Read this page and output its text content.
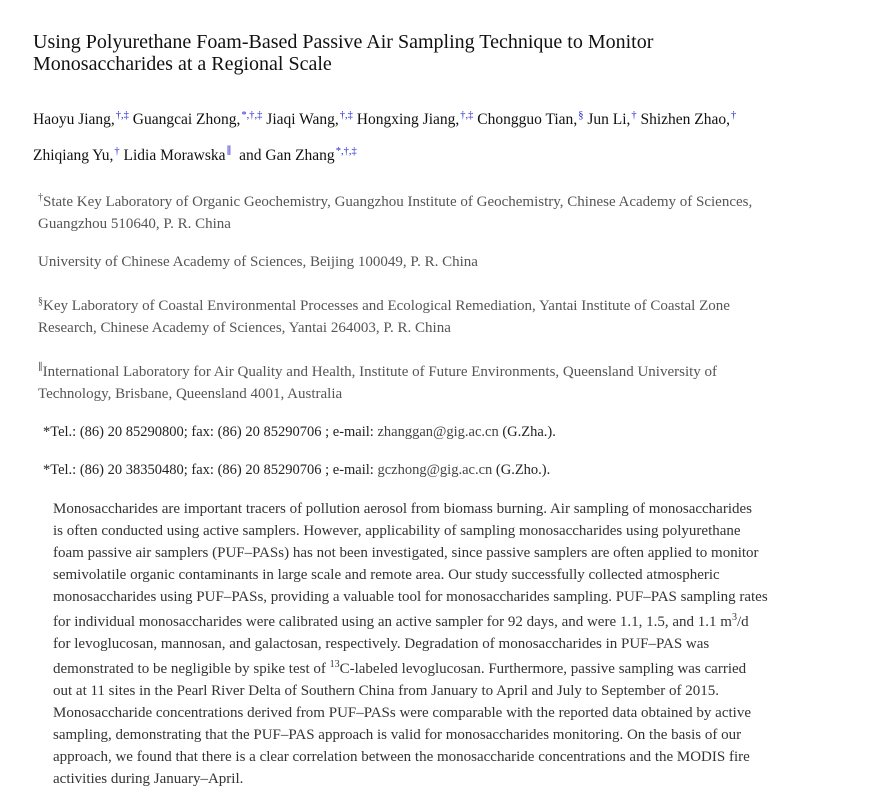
Using Polyurethane Foam-Based Passive Air Sampling Technique to Monitor
Monosaccharides at a Regional Scale
Haoyu Jiang,†,‡ Guangcai Zhong,*,†,‡ Jiaqi Wang,†,‡ Hongxing Jiang,†,‡ Chongguo Tian,§ Jun Li,† Shizhen Zhao,†
Zhiqiang Yu,† Lidia Morawska∥ and Gan Zhang*,†,‡
†State Key Laboratory of Organic Geochemistry, Guangzhou Institute of Geochemistry, Chinese Academy of Sciences,
Guangzhou 510640, P. R. China
University of Chinese Academy of Sciences, Beijing 100049, P. R. China
§Key Laboratory of Coastal Environmental Processes and Ecological Remediation, Yantai Institute of Coastal Zone
Research, Chinese Academy of Sciences, Yantai 264003, P. R. China
∥International Laboratory for Air Quality and Health, Institute of Future Environments, Queensland University of
Technology, Brisbane, Queensland 4001, Australia
*Tel.: (86) 20 85290800; fax: (86) 20 85290706 ; e-mail: zhanggan@gig.ac.cn (G.Zha.).
*Tel.: (86) 20 38350480; fax: (86) 20 85290706 ; e-mail: gczhong@gig.ac.cn (G.Zho.).
Monosaccharides are important tracers of pollution aerosol from biomass burning. Air sampling of monosaccharides
is often conducted using active samplers. However, applicability of sampling monosaccharides using polyurethane
foam passive air samplers (PUF–PASs) has not been investigated, since passive samplers are often applied to monitor
semivolatile organic contaminants in large scale and remote area. Our study successfully collected atmospheric
monosaccharides using PUF–PASs, providing a valuable tool for monosaccharides sampling. PUF–PAS sampling rates
for individual monosaccharides were calibrated using an active sampler for 92 days, and were 1.1, 1.5, and 1.1 $m^3/d$
for levoglucosan, mannosan, and galactosan, respectively. Degradation of monosaccharides in PUF–PAS was
demonstrated to be negligible by spike test of $^{13}$C-labeled levoglucosan. Furthermore, passive sampling was carried
out at 11 sites in the Pearl River Delta of Southern China from January to April and July to September of 2015.
Monosaccharide concentrations derived from PUF–PASs were comparable with the reported data obtained by active
sampling, demonstrating that the PUF–PAS approach is valid for monosaccharides monitoring. On the basis of our
approach, we found that there is a clear correlation between the monosaccharide concentrations and the MODIS fire
activities during January–April.
